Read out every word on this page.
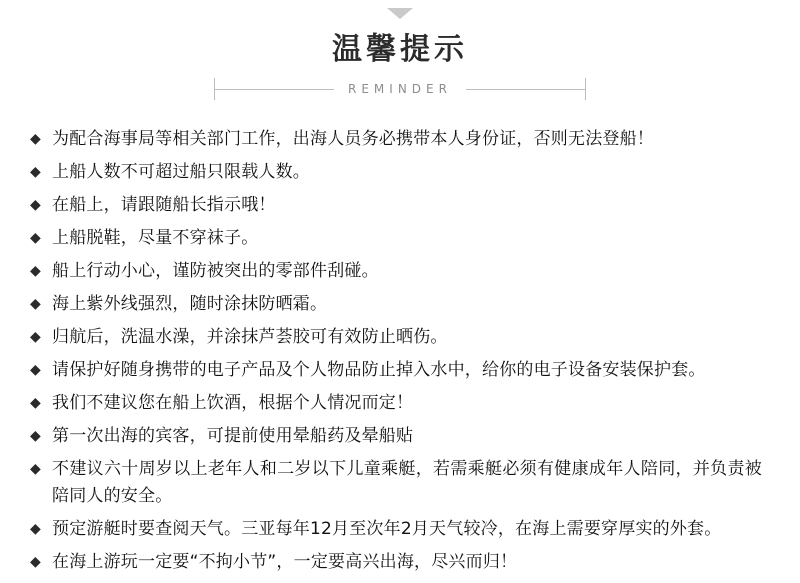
温馨提示
REMINDER
◆ 为配合海事局等相关部门工作，出海人员务必携带本人身份证，否则无法登船！
◆ 上船人数不可超过船只限载人数。
◆ 在船上，请跟随船长指示哦！
◆ 上船脱鞋，尽量不穿袜子。
◆ 船上行动小心，谨防被突出的零部件刮碰。
◆ 海上紫外线强烈，随时涂抹防晒霜。
◆ 归航后，洗温水澡，并涂抹芦荟胶可有效防止晒伤。
◆ 请保护好随身携带的电子产品及个人物品防止掉入水中，给你的电子设备安装保护套。
◆ 我们不建议您在船上饮酒，根据个人情况而定！
◆ 第一次出海的宾客，可提前使用晕船药及晕船贴
◆ 不建议六十周岁以上老年人和二岁以下儿童乘艇，若需乘艇必须有健康成年人陪同，并负责被陪同人的安全。
◆ 预定游艇时要查阅天气。三亚每年12月至次年2月天气较冷，在海上需要穿厚实的外套。
◆ 在海上游玩一定要“不拘小节”，一定要高兴出海，尽兴而归！
